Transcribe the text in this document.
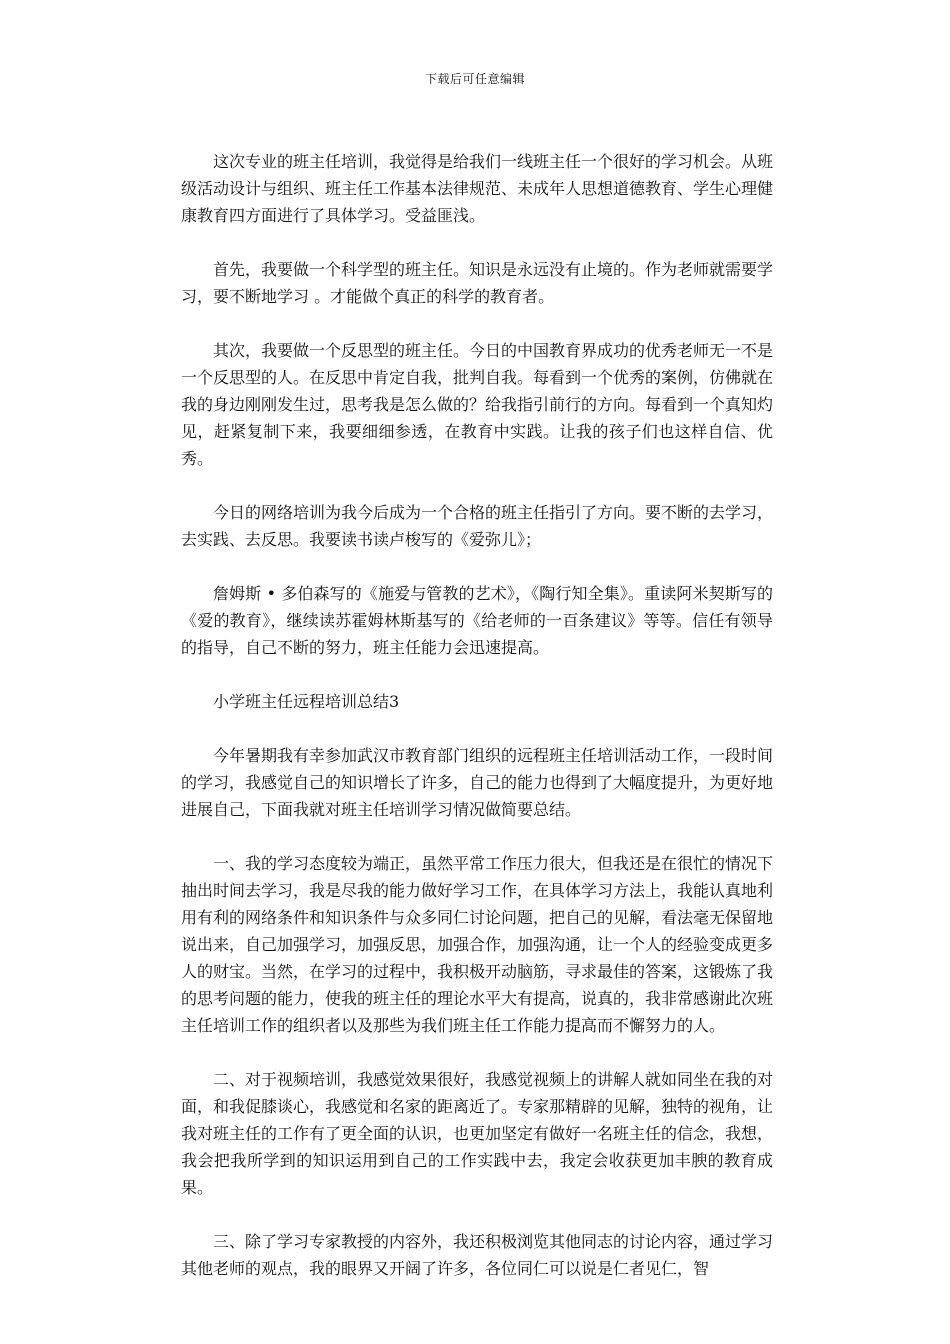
下载后可任意编辑

这次专业的班主任培训，我觉得是给我们一线班主任一个很好的学习机会。从班级活动设计与组织、班主任工作基本法律规范、未成年人思想道德教育、学生心理健康教育四方面进行了具体学习。受益匪浅。

首先，我要做一个科学型的班主任。知识是永远没有止境的。作为老师就需要学习，要不断地学习 。才能做个真正的科学的教育者。

其次，我要做一个反思型的班主任。今日的中国教育界成功的优秀老师无一不是一个反思型的人。在反思中肯定自我，批判自我。每看到一个优秀的案例，仿佛就在我的身边刚刚发生过，思考我是怎么做的？给我指引前行的方向。每看到一个真知灼见，赶紧复制下来，我要细细参透，在教育中实践。让我的孩子们也这样自信、优秀。

今日的网络培训为我今后成为一个合格的班主任指引了方向。要不断的去学习，去实践、去反思。我要读书读卢梭写的《爱弥儿》；

詹姆斯 • 多伯森写的《施爱与管教的艺术》，《陶行知全集》。重读阿米契斯写的《爱的教育》，继续读苏霍姆林斯基写的《给老师的一百条建议》等等。信任有领导的指导，自己不断的努力，班主任能力会迅速提高。

小学班主任远程培训总结3

今年暑期我有幸参加武汉市教育部门组织的远程班主任培训活动工作，一段时间的学习，我感觉自己的知识增长了许多，自己的能力也得到了大幅度提升，为更好地进展自己，下面我就对班主任培训学习情况做简要总结。

一、我的学习态度较为端正，虽然平常工作压力很大，但我还是在很忙的情况下抽出时间去学习，我是尽我的能力做好学习工作，在具体学习方法上，我能认真地利用有利的网络条件和知识条件与众多同仁讨论问题，把自己的见解，看法毫无保留地说出来，自己加强学习，加强反思，加强合作，加强沟通，让一个人的经验变成更多人的财宝。当然，在学习的过程中，我积极开动脑筋，寻求最佳的答案，这锻炼了我的思考问题的能力，使我的班主任的理论水平大有提高，说真的，我非常感谢此次班主任培训工作的组织者以及那些为我们班主任工作能力提高而不懈努力的人。

二、对于视频培训，我感觉效果很好，我感觉视频上的讲解人就如同坐在我的对面，和我促膝谈心，我感觉和名家的距离近了。专家那精辟的见解，独特的视角，让我对班主任的工作有了更全面的认识，也更加坚定有做好一名班主任的信念，我想，我会把我所学到的知识运用到自己的工作实践中去，我定会收获更加丰腴的教育成果。

三、除了学习专家教授的内容外，我还积极浏览其他同志的讨论内容，通过学习其他老师的观点，我的眼界又开阔了许多，各位同仁可以说是仁者见仁，智
